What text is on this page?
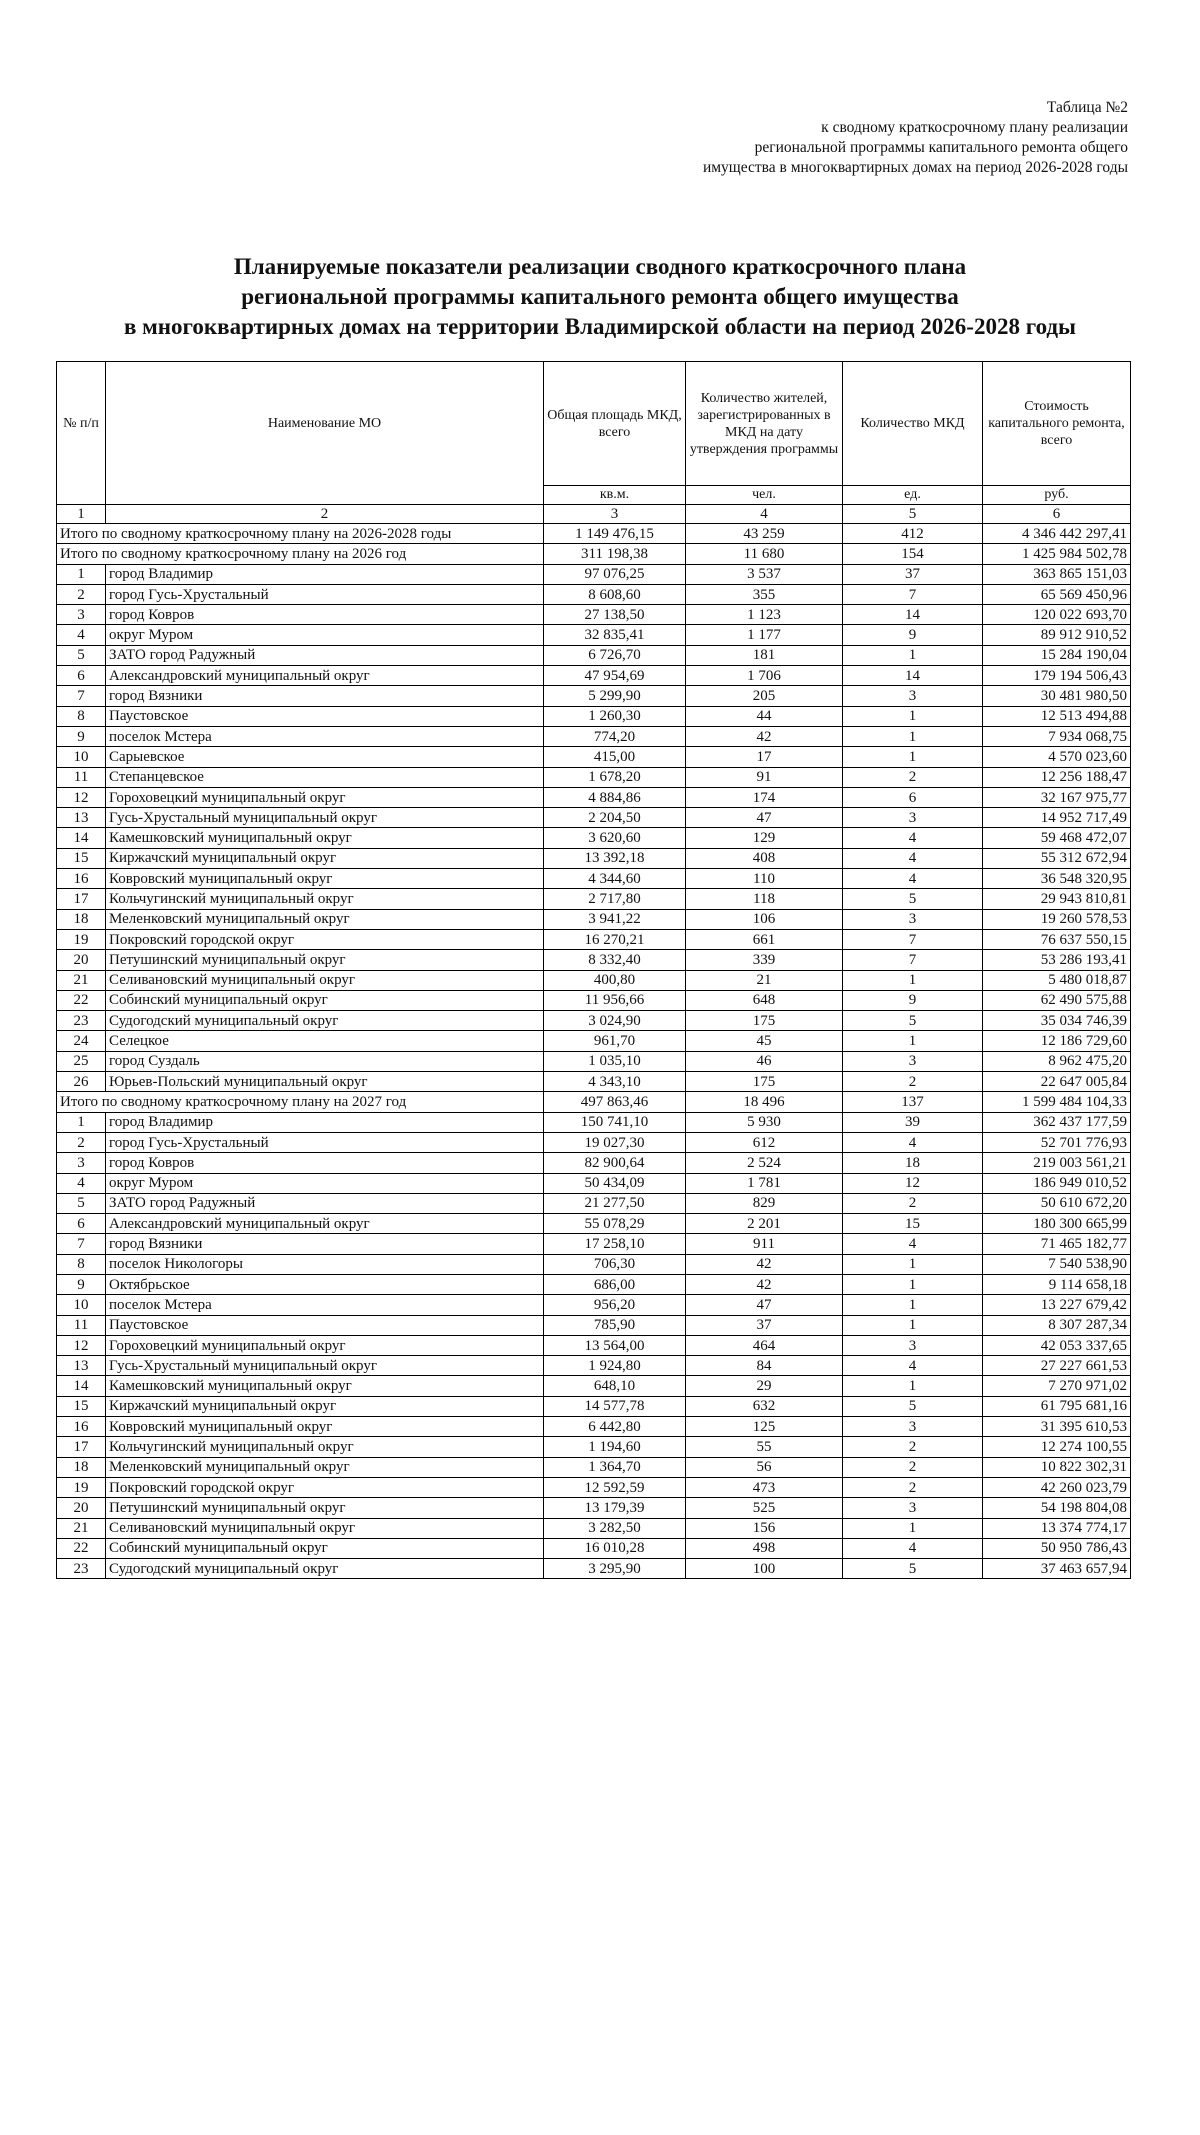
Таблица №2
к сводному краткосрочному плану реализации
региональной программы капитального ремонта общего
имущества в многоквартирных домах на период 2026-2028 годы
Планируемые показатели реализации сводного краткосрочного плана
региональной программы капитального ремонта общего имущества
в многоквартирных домах на территории Владимирской области на период 2026-2028 годы
№ п/п	Наименование МО	Общая площадь МКД, всего	Количество жителей, зарегистрированных в МКД на дату утверждения программы	Количество МКД	Стоимость капитального ремонта, всего
		кв.м.	чел.	ед.	руб.
1	2	3	4	5	6
Итого по сводному краткосрочному плану на 2026-2028 годы		1 149 476,15	43 259	412	4 346 442 297,41
Итого по сводному краткосрочному плану на 2026 год		311 198,38	11 680	154	1 425 984 502,78
1	город Владимир	97 076,25	3 537	37	363 865 151,03
2	город Гусь-Хрустальный	8 608,60	355	7	65 569 450,96
3	город Ковров	27 138,50	1 123	14	120 022 693,70
4	округ Муром	32 835,41	1 177	9	89 912 910,52
5	ЗАТО город Радужный	6 726,70	181	1	15 284 190,04
6	Александровский муниципальный округ	47 954,69	1 706	14	179 194 506,43
7	город Вязники	5 299,90	205	3	30 481 980,50
8	Паустовское	1 260,30	44	1	12 513 494,88
9	поселок Мстера	774,20	42	1	7 934 068,75
10	Сарыевское	415,00	17	1	4 570 023,60
11	Степанцевское	1 678,20	91	2	12 256 188,47
12	Гороховецкий муниципальный округ	4 884,86	174	6	32 167 975,77
13	Гусь-Хрустальный муниципальный округ	2 204,50	47	3	14 952 717,49
14	Камешковский муниципальный округ	3 620,60	129	4	59 468 472,07
15	Киржачский муниципальный округ	13 392,18	408	4	55 312 672,94
16	Ковровский муниципальный округ	4 344,60	110	4	36 548 320,95
17	Кольчугинский муниципальный округ	2 717,80	118	5	29 943 810,81
18	Меленковский муниципальный округ	3 941,22	106	3	19 260 578,53
19	Покровский городской округ	16 270,21	661	7	76 637 550,15
20	Петушинский муниципальный округ	8 332,40	339	7	53 286 193,41
21	Селивановский муниципальный округ	400,80	21	1	5 480 018,87
22	Собинский муниципальный округ	11 956,66	648	9	62 490 575,88
23	Судогодский муниципальный округ	3 024,90	175	5	35 034 746,39
24	Селецкое	961,70	45	1	12 186 729,60
25	город Суздаль	1 035,10	46	3	8 962 475,20
26	Юрьев-Польский муниципальный округ	4 343,10	175	2	22 647 005,84
Итого по сводному краткосрочному плану на 2027 год		497 863,46	18 496	137	1 599 484 104,33
1	город Владимир	150 741,10	5 930	39	362 437 177,59
2	город Гусь-Хрустальный	19 027,30	612	4	52 701 776,93
3	город Ковров	82 900,64	2 524	18	219 003 561,21
4	округ Муром	50 434,09	1 781	12	186 949 010,52
5	ЗАТО город Радужный	21 277,50	829	2	50 610 672,20
6	Александровский муниципальный округ	55 078,29	2 201	15	180 300 665,99
7	город Вязники	17 258,10	911	4	71 465 182,77
8	поселок Никологоры	706,30	42	1	7 540 538,90
9	Октябрьское	686,00	42	1	9 114 658,18
10	поселок Мстера	956,20	47	1	13 227 679,42
11	Паустовское	785,90	37	1	8 307 287,34
12	Гороховецкий муниципальный округ	13 564,00	464	3	42 053 337,65
13	Гусь-Хрустальный муниципальный округ	1 924,80	84	4	27 227 661,53
14	Камешковский муниципальный округ	648,10	29	1	7 270 971,02
15	Киржачский муниципальный округ	14 577,78	632	5	61 795 681,16
16	Ковровский муниципальный округ	6 442,80	125	3	31 395 610,53
17	Кольчугинский муниципальный округ	1 194,60	55	2	12 274 100,55
18	Меленковский муниципальный округ	1 364,70	56	2	10 822 302,31
19	Покровский городской округ	12 592,59	473	2	42 260 023,79
20	Петушинский муниципальный округ	13 179,39	525	3	54 198 804,08
21	Селивановский муниципальный округ	3 282,50	156	1	13 374 774,17
22	Собинский муниципальный округ	16 010,28	498	4	50 950 786,43
23	Судогодский муниципальный округ	3 295,90	100	5	37 463 657,94
